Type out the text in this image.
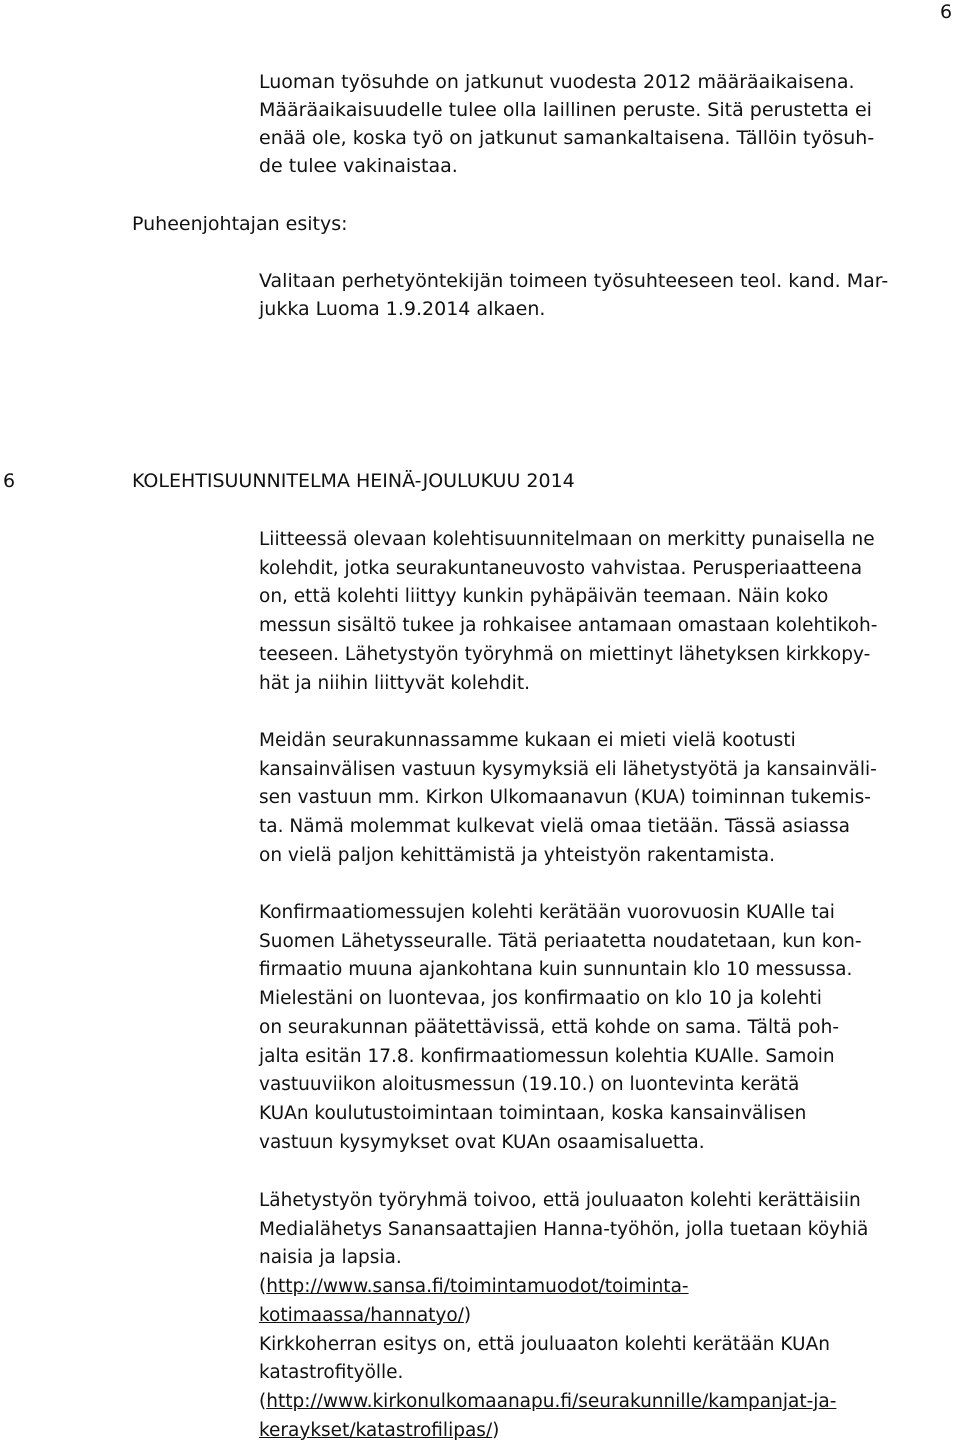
6
Luoman työsuhde on jatkunut vuodesta 2012 määräaikaisena.
Määräaikaisuudelle tulee olla laillinen peruste. Sitä perustetta ei
enää ole, koska työ on jatkunut samankaltaisena. Tällöin työsuh-
de tulee vakinaistaa.
Puheenjohtajan esitys:
Valitaan perhetyöntekijän toimeen työsuhteeseen teol. kand. Mar-
jukka Luoma 1.9.2014 alkaen.
6	KOLEHTISUUNNITELMA HEINÄ-JOULUKUU 2014
Liitteessä olevaan kolehtisuunnitelmaan on merkitty punaisella ne
kolehdit, jotka seurakuntaneuvosto vahvistaa. Perusperiaatteena
on, että kolehti liittyy kunkin pyhäpäivän teemaan. Näin koko
messun sisältö tukee ja rohkaisee antamaan omastaan kolehtikoh-
teeseen. Lähetystyön työryhmä on miettinyt lähetyksen kirkkopy-
hät ja niihin liittyvät kolehdit.
Meidän seurakunnassamme kukaan ei mieti vielä kootusti
kansainvälisen vastuun kysymyksiä eli lähetystyötä ja kansainväli-
sen vastuun mm. Kirkon Ulkomaanavun (KUA) toiminnan tukemis-
ta. Nämä molemmat kulkevat vielä omaa tietään. Tässä asiassa
on vielä paljon kehittämistä ja yhteistyön rakentamista.
Konfirmaatiomessujen kolehti kerätään vuorovuosin KUAlle tai
Suomen Lähetysseuralle. Tätä periaatetta noudatetaan, kun kon-
firmaatio muuna ajankohtana kuin sunnuntain klo 10 messussa.
Mielestäni on luontevaa, jos konfirmaatio on klo 10 ja kolehti
on seurakunnan päätettävissä, että kohde on sama. Tältä poh-
jalta esitän 17.8. konfirmaatiomessun kolehtia KUAlle. Samoin
vastuuviikon aloitusmessun (19.10.) on luontevinta kerätä
KUAn koulutustoimintaan toimintaan, koska kansainvälisen
vastuun kysymykset ovat KUAn osaamisaluetta.
Lähetystyön työryhmä toivoo, että jouluaaton kolehti kerättäisiin
Medialähetys Sanansaattajien Hanna-työhön, jolla tuetaan köyhiä
naisia ja lapsia.
(http://www.sansa.fi/toimintamuodot/toiminta-
kotimaassa/hannatyo/)
Kirkkoherran esitys on, että jouluaaton kolehti kerätään KUAn
katastrofityölle.
(http://www.kirkonulkomaanapu.fi/seurakunnille/kampanjat-ja-
keraykset/katastrofilipas/)
